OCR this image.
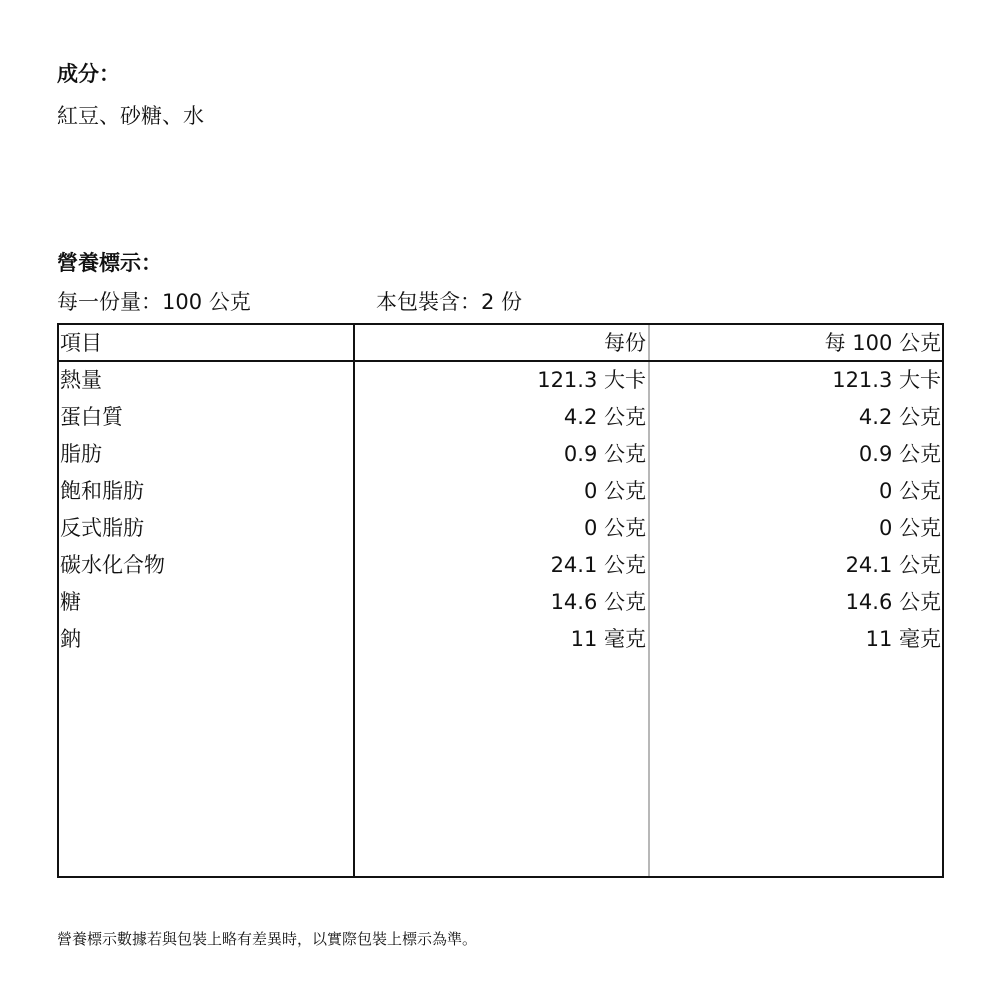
成分：
紅豆、砂糖、水
營養標示：
每一份量：100 公克	本包裝含：2 份
項目	每份	每 100 公克
熱量	121.3 大卡	121.3 大卡
蛋白質	4.2 公克	4.2 公克
脂肪	0.9 公克	0.9 公克
飽和脂肪	0 公克	0 公克
反式脂肪	0 公克	0 公克
碳水化合物	24.1 公克	24.1 公克
糖	14.6 公克	14.6 公克
鈉	11 毫克	11 毫克
營養標示數據若與包裝上略有差異時，以實際包裝上標示為準。
